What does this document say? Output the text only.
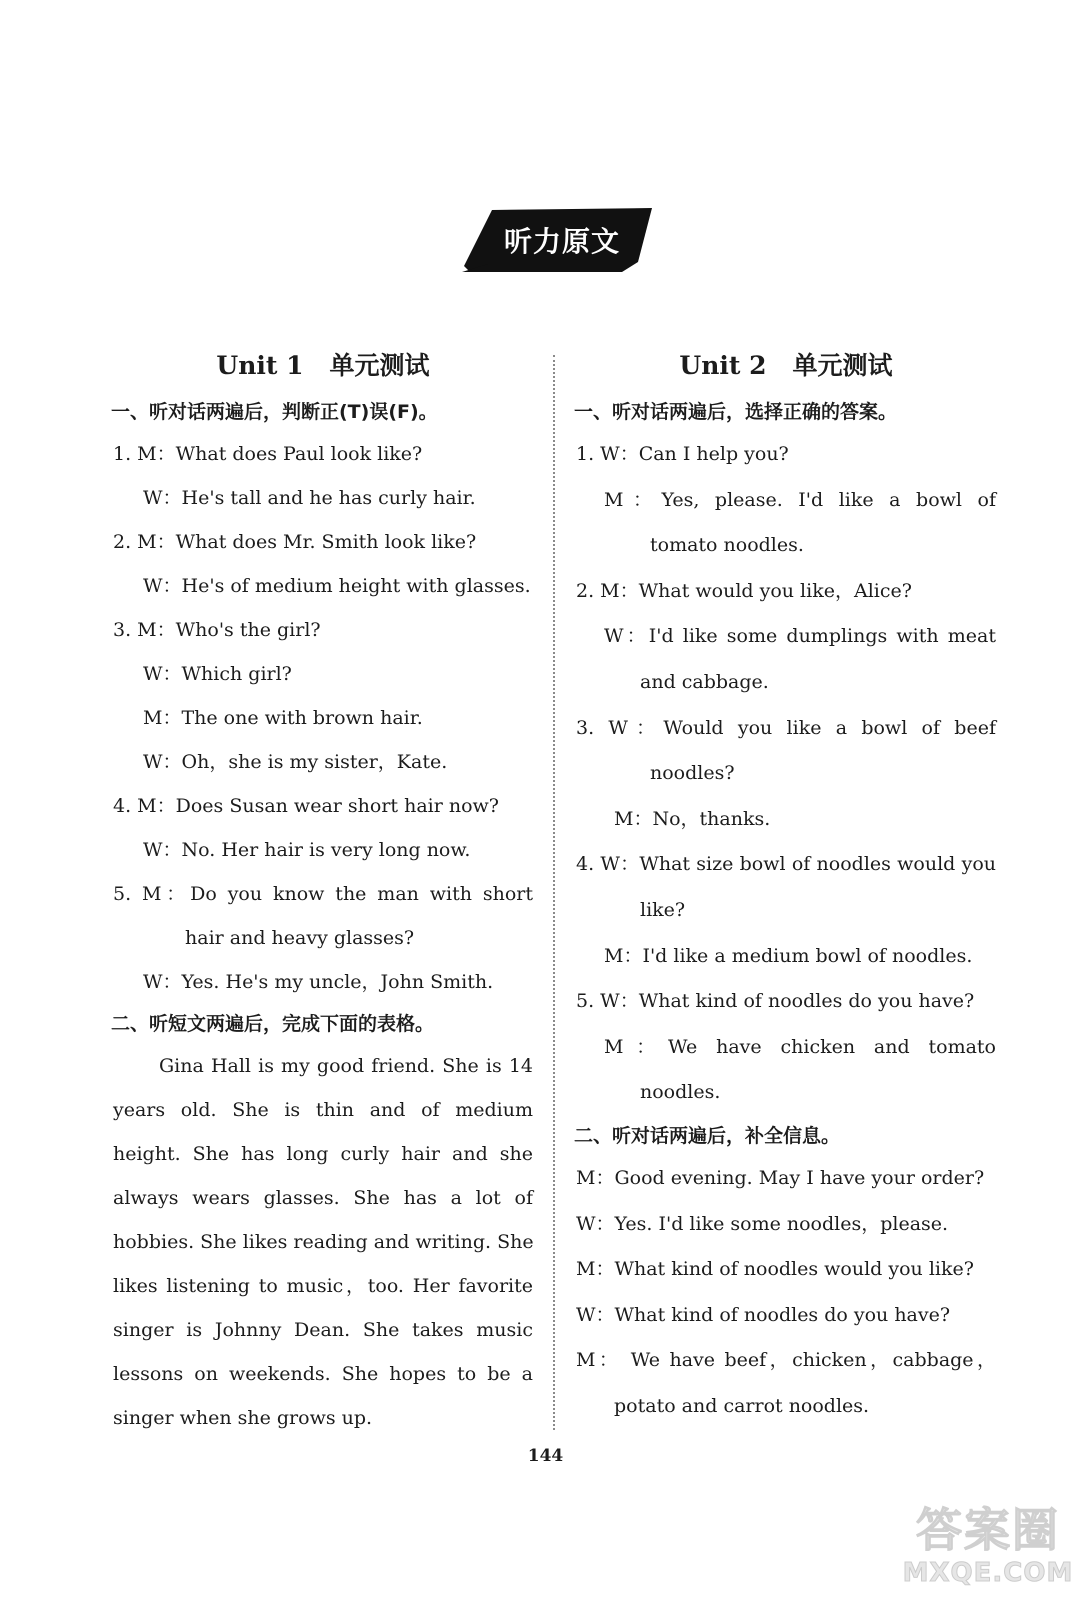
听力原文
Unit 1 单元测试
一、听对话两遍后，判断正(T)误(F)。
1. M：What does Paul look like?
W：He's tall and he has curly hair.
2. M：What does Mr. Smith look like?
W：He's of medium height with glasses.
3. M：Who's the girl?
W：Which girl?
M：The one with brown hair.
W：Oh，she is my sister，Kate.
4. M：Does Susan wear short hair now?
W：No. Her hair is very long now.
5. M：Do you know the man with short
hair and heavy glasses?
W：Yes. He's my uncle，John Smith.
二、听短文两遍后，完成下面的表格。
Gina Hall is my good friend. She is 14
years old. She is thin and of medium
height. She has long curly hair and she
always wears glasses. She has a lot of
hobbies. She likes reading and writing. She
likes listening to music，too. Her favorite
singer is Johnny Dean. She takes music
lessons on weekends. She hopes to be a
singer when she grows up.
Unit 2 单元测试
一、听对话两遍后，选择正确的答案。
1. W：Can I help you?
M：Yes, please. I'd like a bowl of
tomato noodles.
2. M：What would you like，Alice?
W：I'd like some dumplings with meat
and cabbage.
3. W：Would you like a bowl of beef
noodles?
M：No，thanks.
4. W：What size bowl of noodles would you
like?
M：I'd like a medium bowl of noodles.
5. W：What kind of noodles do you have?
M：We have chicken and tomato
noodles.
二、听对话两遍后，补全信息。
M：Good evening. May I have your order?
W：Yes. I'd like some noodles，please.
M：What kind of noodles would you like?
W：What kind of noodles do you have?
M： We have beef，chicken，cabbage，
potato and carrot noodles.
144
答案圈
MXQE.COM
